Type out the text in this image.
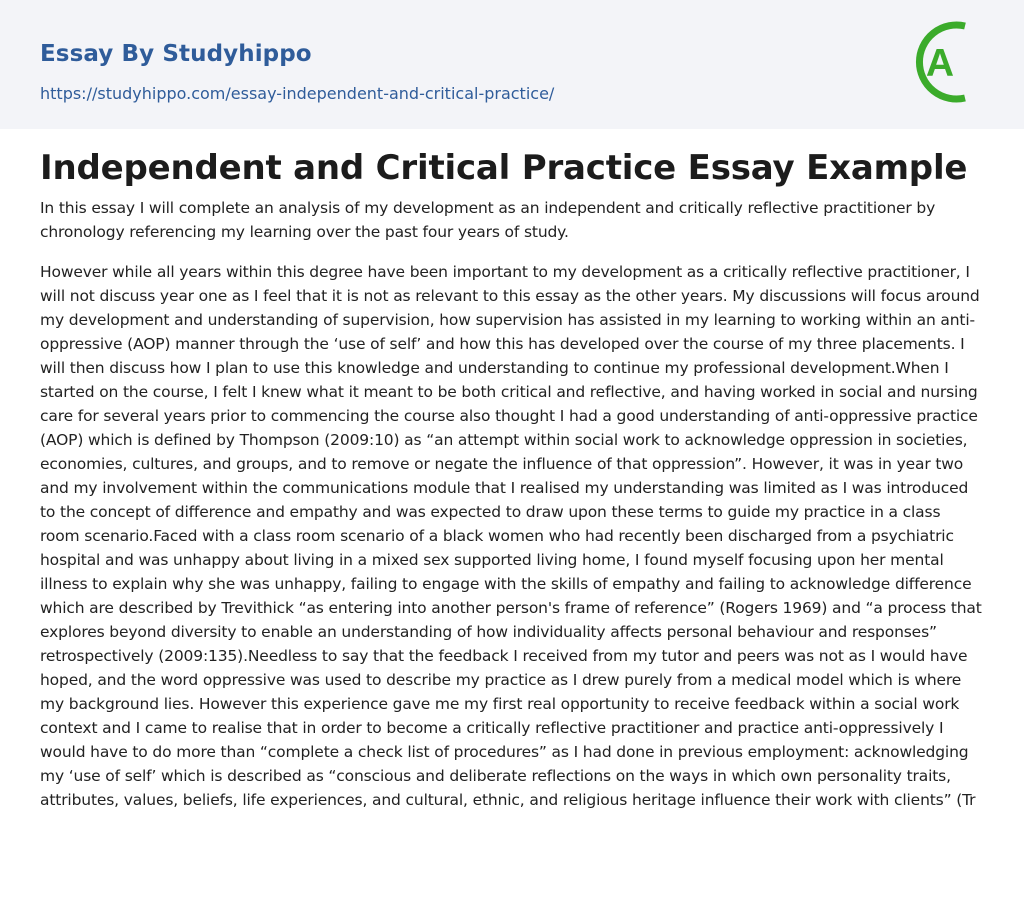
Essay By Studyhippo
https://studyhippo.com/essay-independent-and-critical-practice/
A
Independent and Critical Practice Essay Example

In this essay I will complete an analysis of my development as an independent and critically reflective practitioner by chronology referencing my learning over the past four years of study.

However while all years within this degree have been important to my development as a critically reflective practitioner, I will not discuss year one as I feel that it is not as relevant to this essay as the other years. My discussions will focus around my development and understanding of supervision, how supervision has assisted in my learning to working within an anti-oppressive (AOP) manner through the ‘use of self’ and how this has developed over the course of my three placements. I will then discuss how I plan to use this knowledge and understanding to continue my professional development.When I started on the course, I felt I knew what it meant to be both critical and reflective, and having worked in social and nursing care for several years prior to commencing the course also thought I had a good understanding of anti-oppressive practice (AOP) which is defined by Thompson (2009:10) as “an attempt within social work to acknowledge oppression in societies, economies, cultures, and groups, and to remove or negate the influence of that oppression”. However, it was in year two and my involvement within the communications module that I realised my understanding was limited as I was introduced to the concept of difference and empathy and was expected to draw upon these terms to guide my practice in a class room scenario.Faced with a class room scenario of a black women who had recently been discharged from a psychiatric hospital and was unhappy about living in a mixed sex supported living home, I found myself focusing upon her mental illness to explain why she was unhappy, failing to engage with the skills of empathy and failing to acknowledge difference which are described by Trevithick “as entering into another person's frame of reference” (Rogers 1969) and “a process that explores beyond diversity to enable an understanding of how individuality affects personal behaviour and responses” retrospectively (2009:135).Needless to say that the feedback I received from my tutor and peers was not as I would have hoped, and the word oppressive was used to describe my practice as I drew purely from a medical model which is where my background lies. However this experience gave me my first real opportunity to receive feedback within a social work context and I came to realise that in order to become a critically reflective practitioner and practice anti-oppressively I would have to do more than “complete a check list of procedures” as I had done in previous employment: acknowledging my ‘use of self’ which is described as “conscious and deliberate reflections on the ways in which own personality traits, attributes, values, beliefs, life experiences, and cultural, ethnic, and religious heritage influence their work with clients” (Tr
